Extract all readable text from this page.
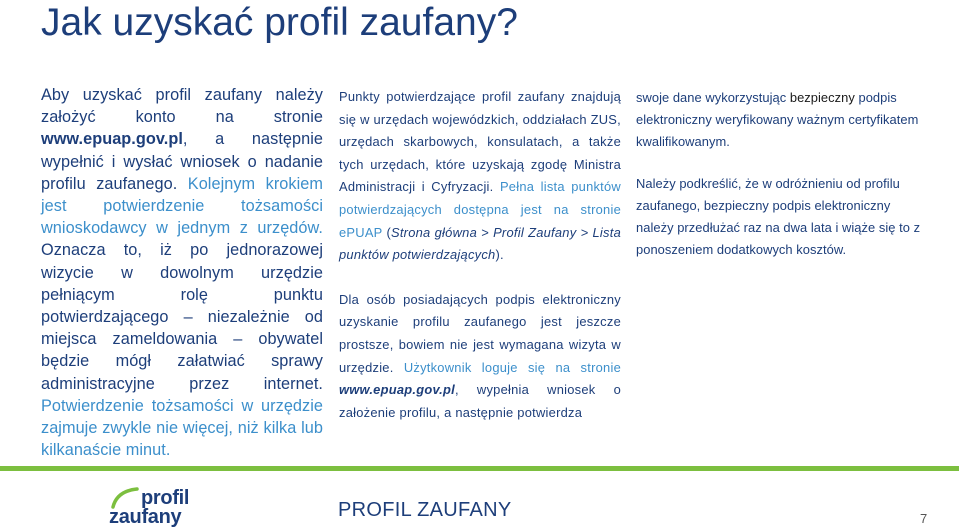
Jak uzyskać profil zaufany?
Aby uzyskać profil zaufany należy założyć konto na stronie www.epuap.gov.pl, a następnie wypełnić i wysłać wniosek o nadanie profilu zaufanego. Kolejnym krokiem jest potwierdzenie tożsamości wnioskodawcy w jednym z urzędów. Oznacza to, iż po jednorazowej wizycie w dowolnym urzędzie pełniącym rolę punktu potwierdzającego – niezależnie od miejsca zameldowania – obywatel będzie mógł załatwiać sprawy administracyjne przez internet. Potwierdzenie tożsamości w urzędzie zajmuje zwykle nie więcej, niż kilka lub kilkanaście minut.

Punkty potwierdzające profil zaufany znajdują się w urzędach wojewódzkich, oddziałach ZUS, urzędach skarbowych, konsulatach, a także tych urzędach, które uzyskają zgodę Ministra Administracji i Cyfryzacji. Pełna lista punktów potwierdzających dostępna jest na stronie ePUAP (Strona główna > Profil Zaufany > Lista punktów potwierdzających).

Dla osób posiadających podpis elektroniczny uzyskanie profilu zaufanego jest jeszcze prostsze, bowiem nie jest wymagana wizyta w urzędzie. Użytkownik loguje się na stronie www.epuap.gov.pl, wypełnia wniosek o założenie profilu, a następnie potwierdza

swoje dane wykorzystując bezpieczny podpis elektroniczny weryfikowany ważnym certyfikatem kwalifikowanym.

Należy podkreślić, że w odróżnieniu od profilu zaufanego, bezpieczny podpis elektroniczny należy przedłużać raz na dwa lata i wiąże się to z ponoszeniem dodatkowych kosztów.

profil
zaufany	PROFIL ZAUFANY	7
